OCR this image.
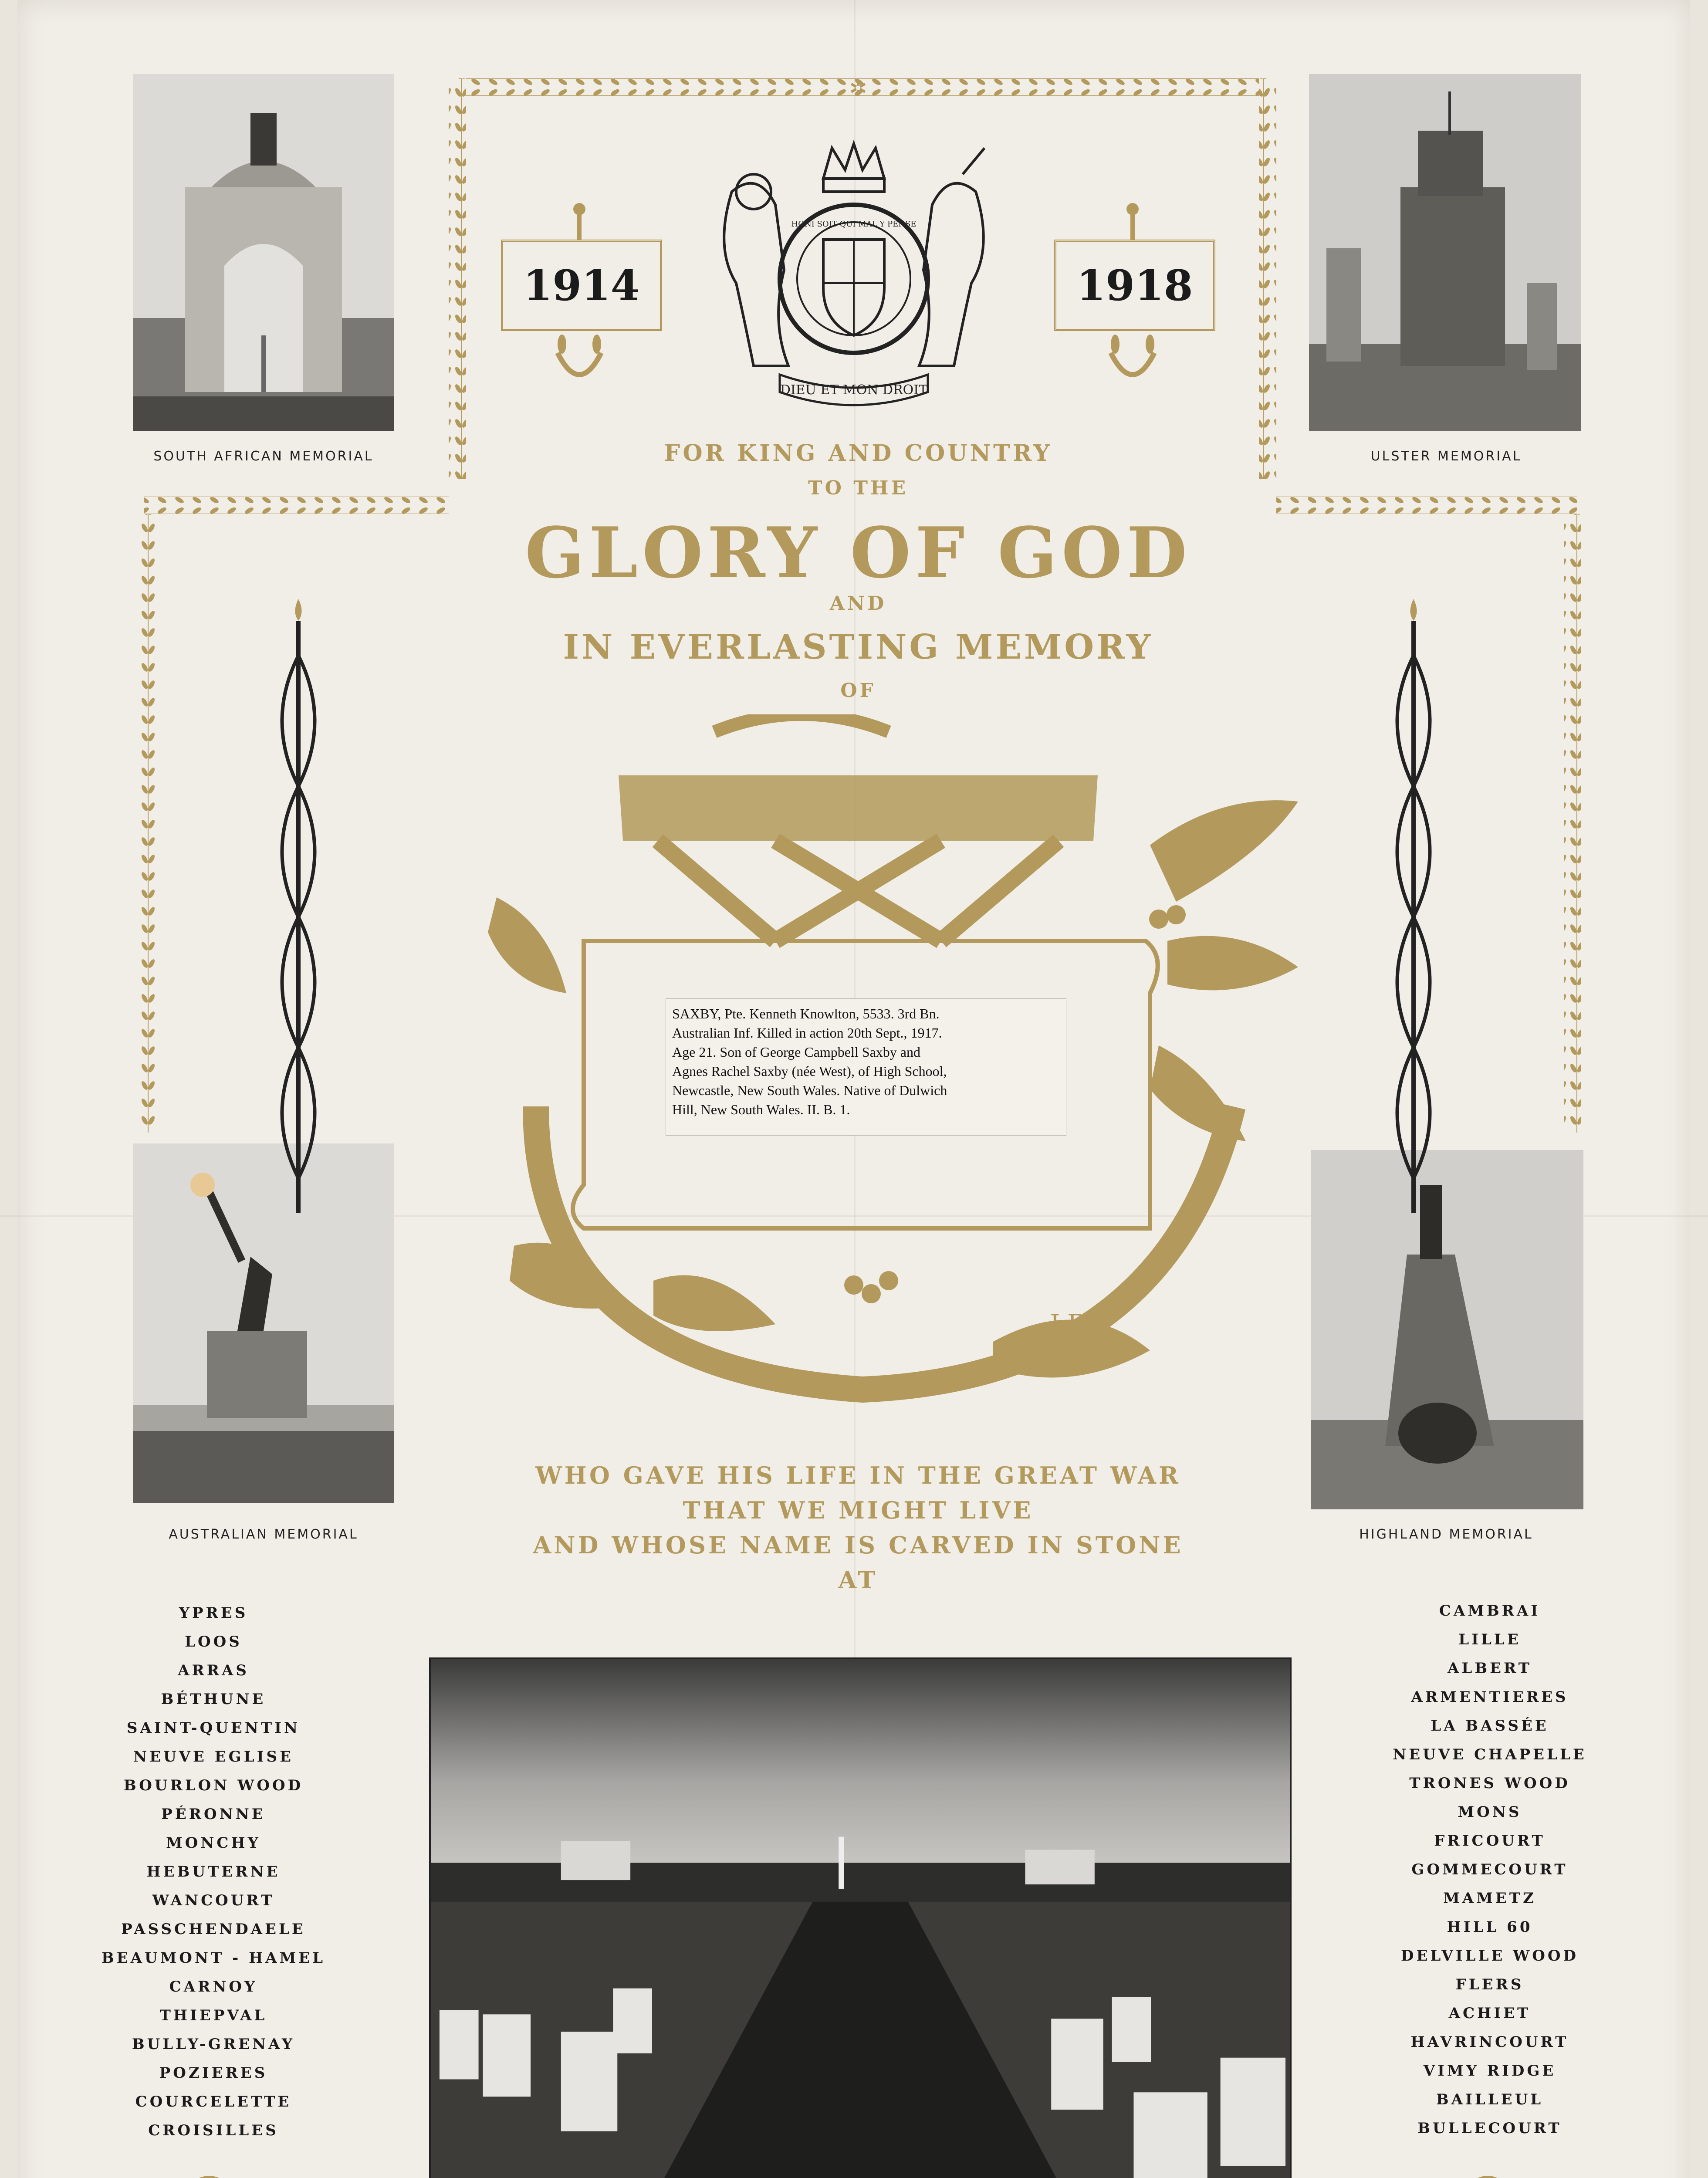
✲
1914	1918
DIEU ET MON DROIT
HONI SOIT QUI MAL Y PENSE
SOUTH AFRICAN MEMORIAL	ULSTER MEMORIAL
AUSTRALIAN MEMORIAL	HIGHLAND MEMORIAL
FOR KING AND COUNTRY
TO THE
GLORY OF GOD
AND
IN EVERLASTING MEMORY
OF
LB.
SAXBY, Pte. Kenneth Knowlton, 5533. 3rd Bn.
Australian Inf. Killed in action 20th Sept., 1917.
Age 21. Son of George Campbell Saxby and
Agnes Rachel Saxby (née West), of High School,
Newcastle, New South Wales. Native of Dulwich
Hill, New South Wales. II. B. 1.
WHO GAVE HIS LIFE IN THE GREAT WAR
THAT WE MIGHT LIVE
AND WHOSE NAME IS CARVED IN STONE
AT
YPRES
LOOS
ARRAS
BÉTHUNE
SAINT-QUENTIN
NEUVE EGLISE
BOURLON WOOD
PÉRONNE
MONCHY
HEBUTERNE
WANCOURT
PASSCHENDAELE
BEAUMONT - HAMEL
CARNOY
THIEPVAL
BULLY-GRENAY
POZIERES
COURCELETTE
CROISILLES
CAMBRAI
LILLE
ALBERT
ARMENTIERES
LA BASSÉE
NEUVE CHAPELLE
TRONES WOOD
MONS
FRICOURT
GOMMECOURT
MAMETZ
HILL 60
DELVILLE WOOD
FLERS
ACHIET
HAVRINCOURT
VIMY RIDGE
BAILLEUL
BULLECOURT
